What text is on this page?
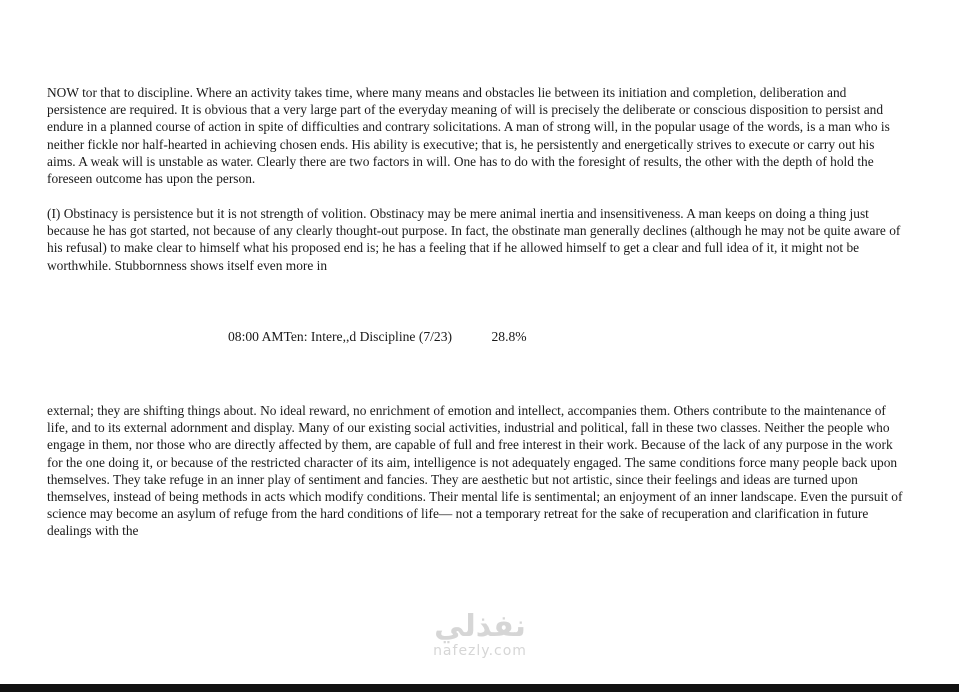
NOW tor that to discipline. Where an activity takes time, where many means and obstacles lie between its initiation and completion, deliberation and persistence are required. It is obvious that a very large part of the everyday meaning of will is precisely the deliberate or conscious disposition to persist and endure in a planned course of action in spite of difficulties and contrary solicitations. A man of strong will, in the popular usage of the words, is a man who is neither fickle nor half-hearted in achieving chosen ends. His ability is executive; that is, he persistently and energetically strives to execute or carry out his aims. A weak will is unstable as water. Clearly there are two factors in will. One has to do with the foresight of results, the other with the depth of hold the foreseen outcome has upon the person.

(I) Obstinacy is persistence but it is not strength of volition. Obstinacy may be mere animal inertia and insensitiveness. A man keeps on doing a thing just because he has got started, not because of any clearly thought-out purpose. In fact, the obstinate man generally declines (although he may not be quite aware of his refusal) to make clear to himself what his proposed end is; he has a feeling that if he allowed himself to get a clear and full idea of it, it might not be worthwhile. Stubbornness shows itself even more in

08:00 AMTen: Intere,,d Discipline (7/23)	28.8%

external; they are shifting things about. No ideal reward, no enrichment of emotion and intellect, accompanies them. Others contribute to the maintenance of life, and to its external adornment and display. Many of our existing social activities, industrial and political, fall in these two classes. Neither the people who engage in them, nor those who are directly affected by them, are capable of full and free interest in their work. Because of the lack of any purpose in the work for the one doing it, or because of the restricted character of its aim, intelligence is not adequately engaged. The same conditions force many people back upon themselves. They take refuge in an inner play of sentiment and fancies. They are aesthetic but not artistic, since their feelings and ideas are turned upon themselves, instead of being methods in acts which modify conditions. Their mental life is sentimental; an enjoyment of an inner landscape. Even the pursuit of science may become an asylum of refuge from the hard conditions of life— not a temporary retreat for the sake of recuperation and clarification in future dealings with the

نفذلي
nafezly.com
